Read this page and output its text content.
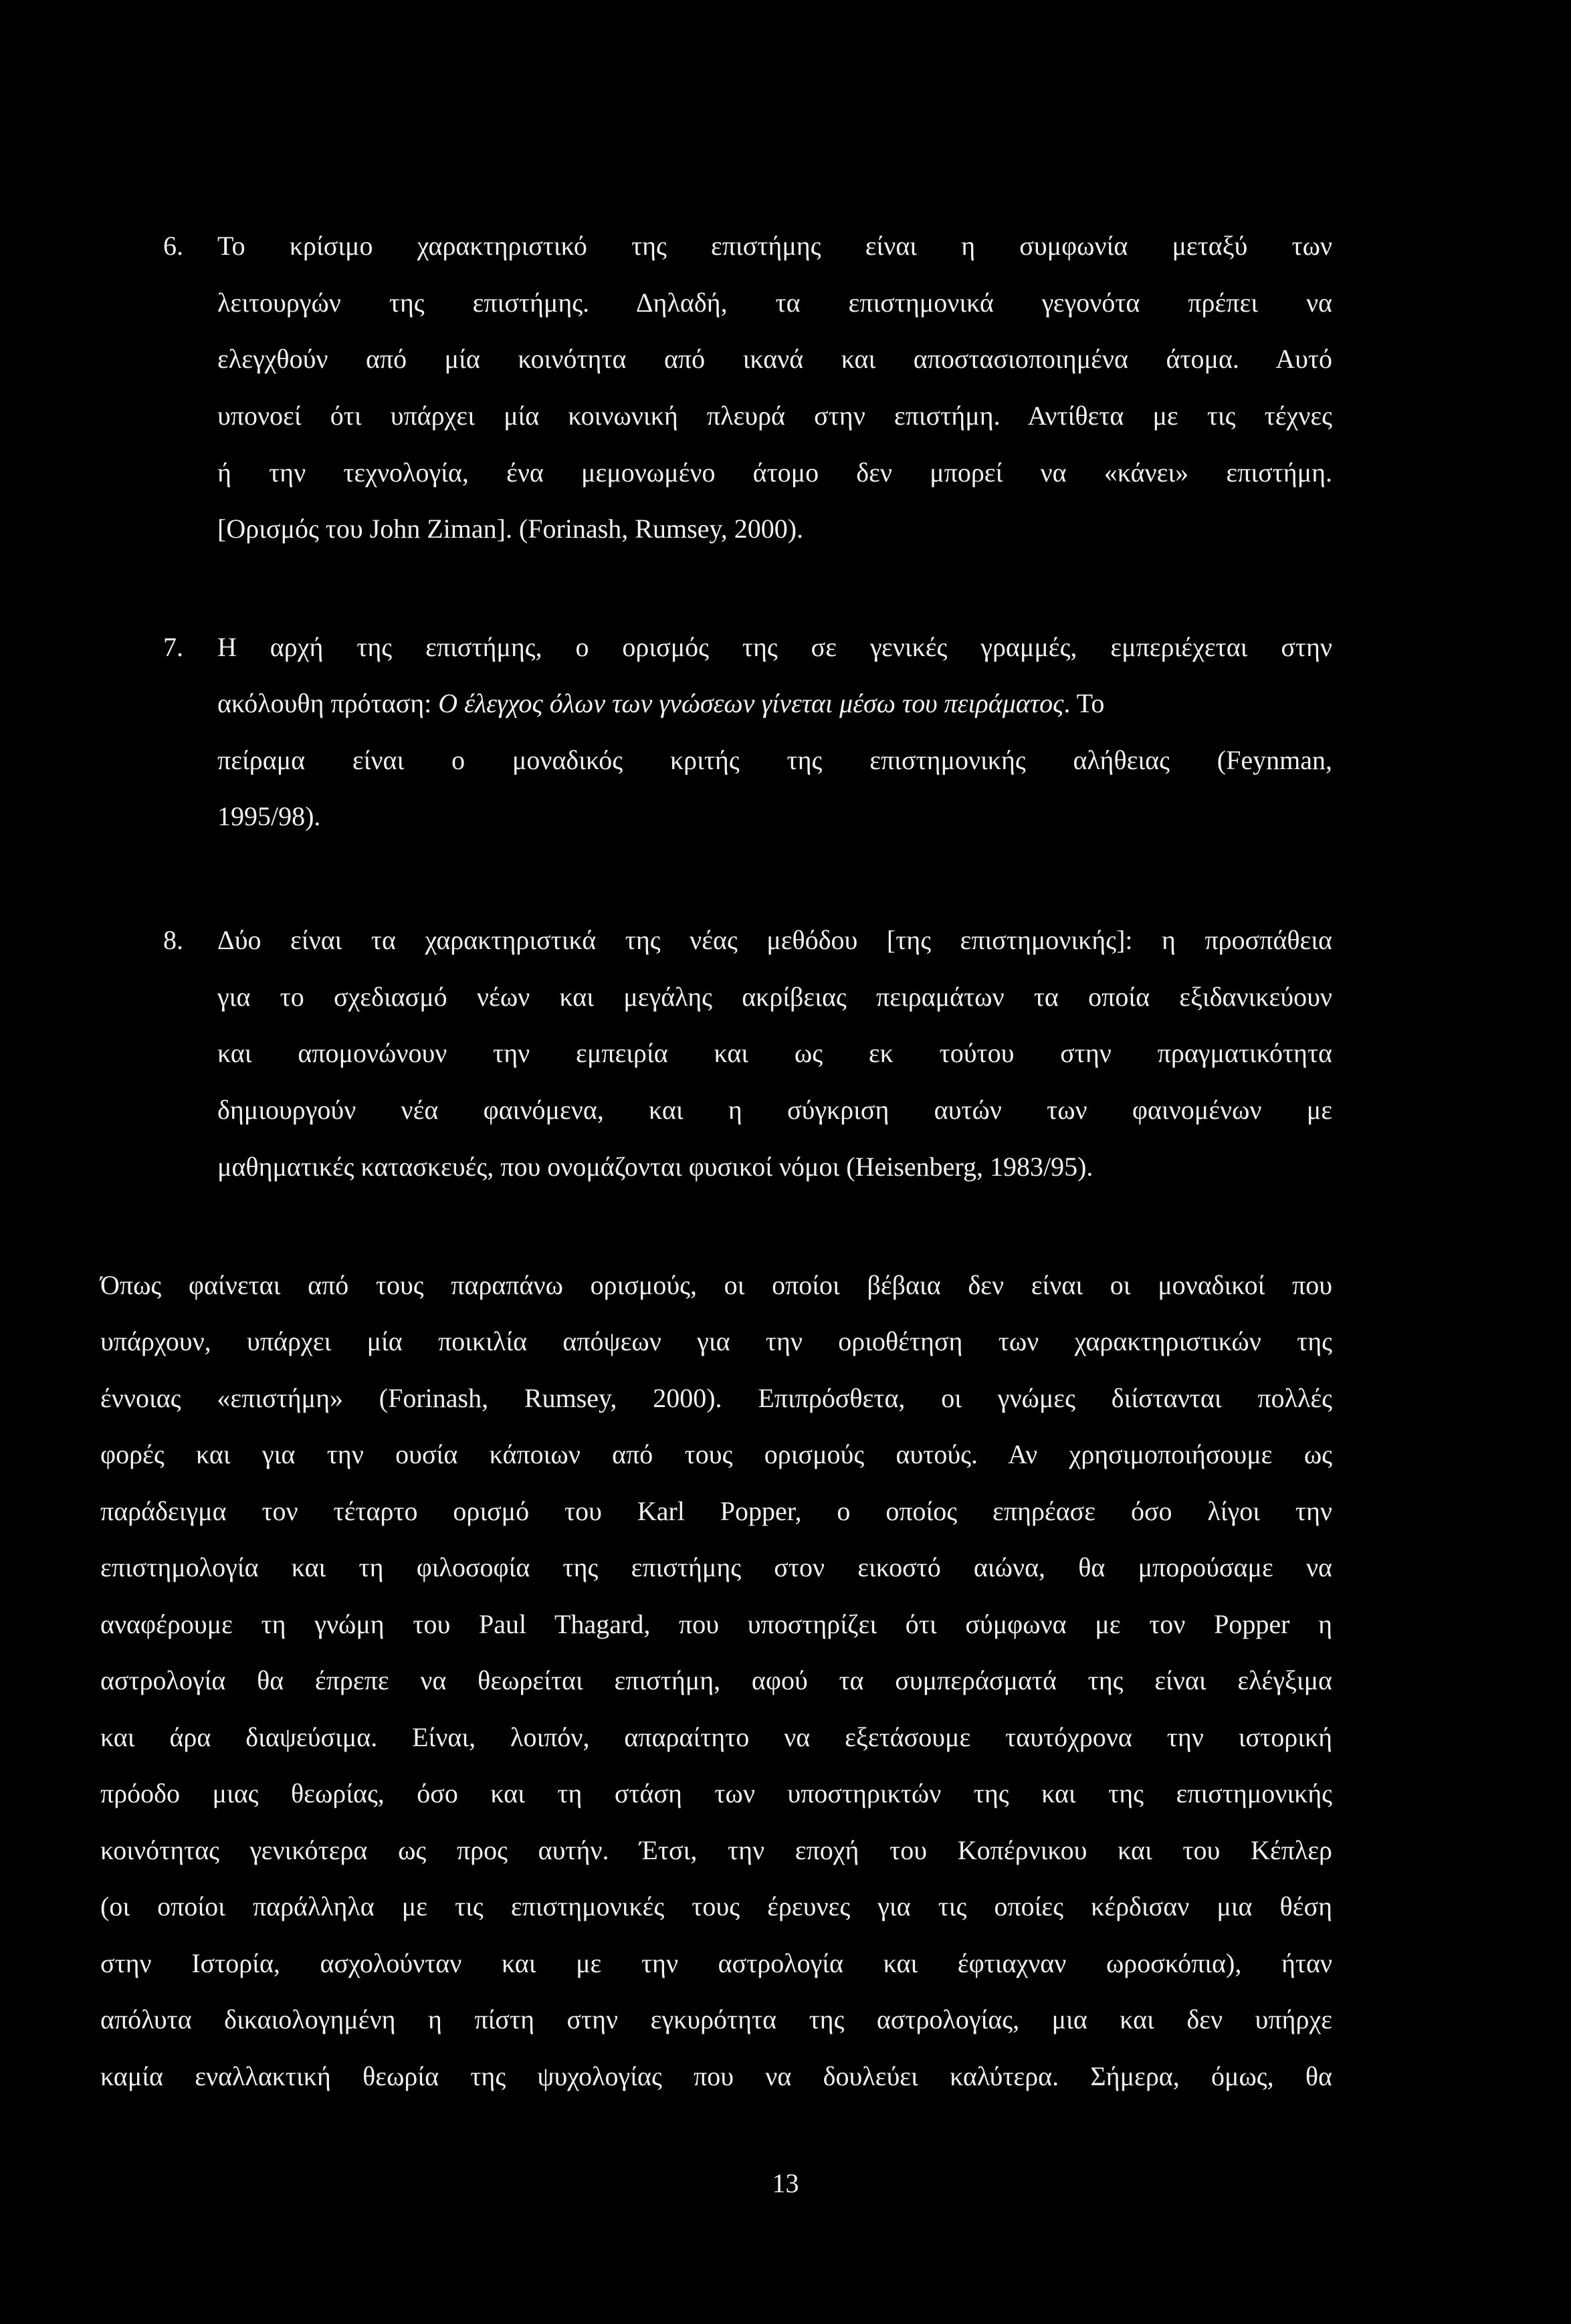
6. Το κρίσιμο χαρακτηριστικό της επιστήμης είναι η συμφωνία μεταξύ των

λειτουργών της επιστήμης. Δηλαδή, τα επιστημονικά γεγονότα πρέπει να

ελεγχθούν από μία κοινότητα από ικανά και αποστασιοποιημένα άτομα. Αυτό

υπονοεί ότι υπάρχει μία κοινωνική πλευρά στην επιστήμη. Αντίθετα με τις τέχνες

ή την τεχνολογία, ένα μεμονωμένο άτομο δεν μπορεί να «κάνει» επιστήμη.

[Ορισμός του John Ziman]. (Forinash, Rumsey, 2000).

7. Η αρχή της επιστήμης, ο ορισμός της σε γενικές γραμμές, εμπεριέχεται στην

ακόλουθη πρόταση: Ο έλεγχος όλων των γνώσεων γίνεται μέσω του πειράματος. Το

πείραμα είναι ο μοναδικός κριτής της επιστημονικής αλήθειας (Feynman,

1995/98).

8. Δύο είναι τα χαρακτηριστικά της νέας μεθόδου [της επιστημονικής]: η προσπάθεια

για το σχεδιασμό νέων και μεγάλης ακρίβειας πειραμάτων τα οποία εξιδανικεύουν

και απομονώνουν την εμπειρία και ως εκ τούτου στην πραγματικότητα

δημιουργούν νέα φαινόμενα, και η σύγκριση αυτών των φαινομένων με

μαθηματικές κατασκευές, που ονομάζονται φυσικοί νόμοι (Heisenberg, 1983/95).

Όπως φαίνεται από τους παραπάνω ορισμούς, οι οποίοι βέβαια δεν είναι οι μοναδικοί που

υπάρχουν, υπάρχει μία ποικιλία απόψεων για την οριοθέτηση των χαρακτηριστικών της

έννοιας «επιστήμη» (Forinash, Rumsey, 2000). Επιπρόσθετα, οι γνώμες διίστανται πολλές

φορές και για την ουσία κάποιων από τους ορισμούς αυτούς. Αν χρησιμοποιήσουμε ως

παράδειγμα τον τέταρτο ορισμό του Karl Popper, ο οποίος επηρέασε όσο λίγοι την

επιστημολογία και τη φιλοσοφία της επιστήμης στον εικοστό αιώνα, θα μπορούσαμε να

αναφέρουμε τη γνώμη του Paul Thagard, που υποστηρίζει ότι σύμφωνα με τον Popper η

αστρολογία θα έπρεπε να θεωρείται επιστήμη, αφού τα συμπεράσματά της είναι ελέγξιμα

και άρα διαψεύσιμα. Είναι, λοιπόν, απαραίτητο να εξετάσουμε ταυτόχρονα την ιστορική

πρόοδο μιας θεωρίας, όσο και τη στάση των υποστηρικτών της και της επιστημονικής

κοινότητας γενικότερα ως προς αυτήν. Έτσι, την εποχή του Κοπέρνικου και του Κέπλερ

(οι οποίοι παράλληλα με τις επιστημονικές τους έρευνες για τις οποίες κέρδισαν μια θέση

στην Ιστορία, ασχολούνταν και με την αστρολογία και έφτιαχναν ωροσκόπια), ήταν

απόλυτα δικαιολογημένη η πίστη στην εγκυρότητα της αστρολογίας, μια και δεν υπήρχε

καμία εναλλακτική θεωρία της ψυχολογίας που να δουλεύει καλύτερα. Σήμερα, όμως, θα

13
